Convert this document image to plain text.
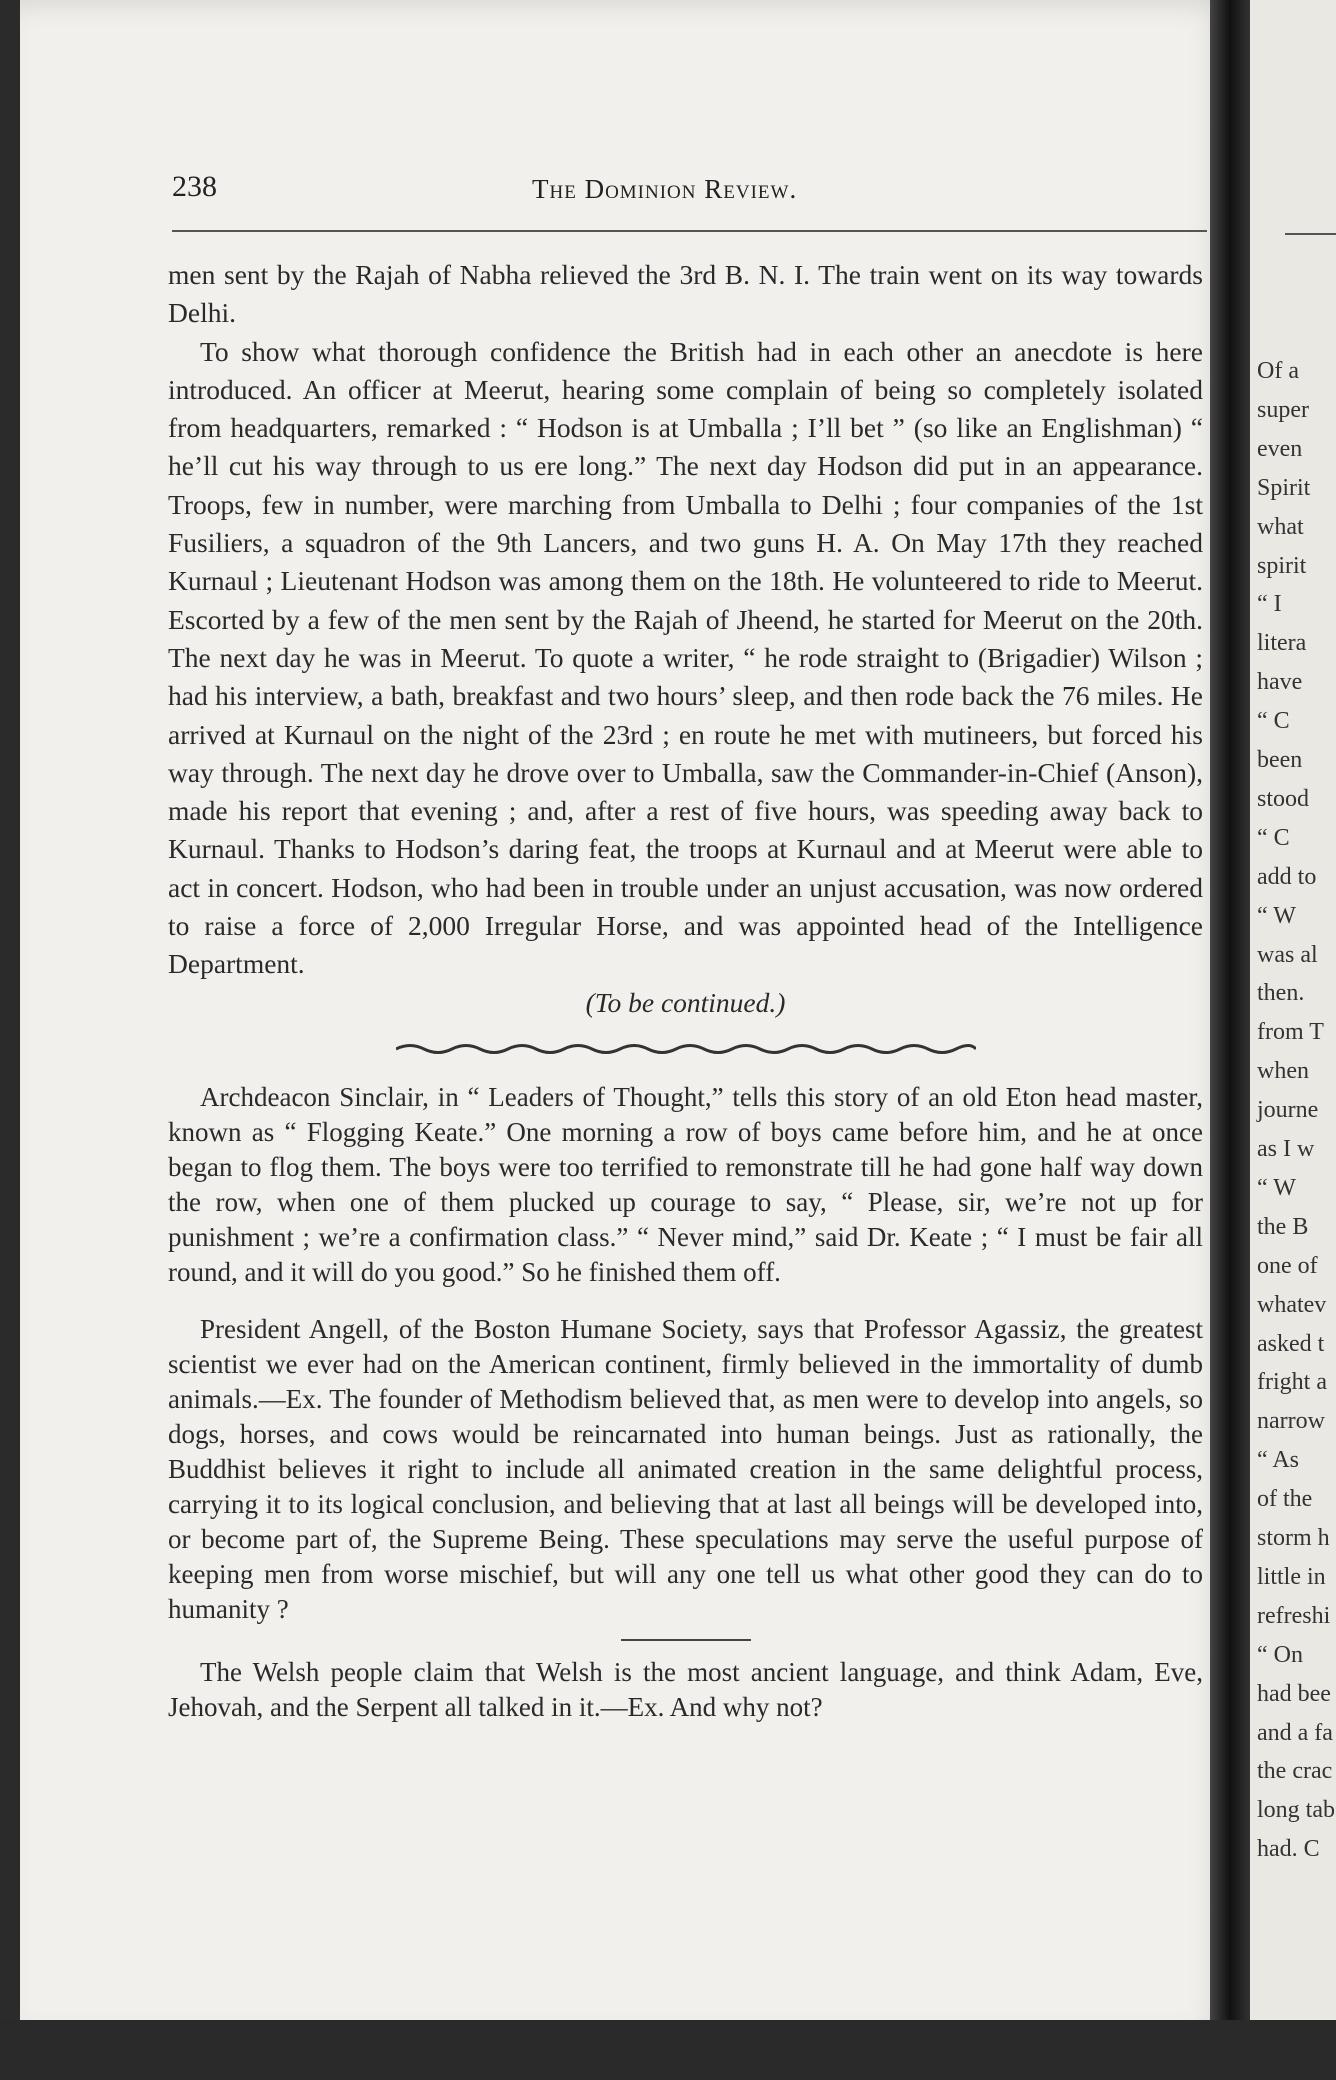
Of a
super
even
Spirit
what
spirit
“ I
litera
have
“ C
been
stood
“ C
add to
“ W
was al
then.
from T
when
journe
as I w
“ W
the B
one of
whatev
asked t
fright a
narrow
“ As
of the
storm h
little in
refreshi
“ On
had bee
and a fa
the crac
long tab
had. C
238	The Dominion Review.

men sent by the Rajah of Nabha relieved the 3rd B. N. I. The train went on its way towards Delhi.

To show what thorough confidence the British had in each other an anecdote is here introduced. An officer at Meerut, hearing some complain of being so completely isolated from headquarters, remarked : “ Hodson is at Umballa ; I’ll bet ” (so like an Englishman) “ he’ll cut his way through to us ere long.” The next day Hodson did put in an appearance. Troops, few in number, were marching from Umballa to Delhi ; four companies of the 1st Fusiliers, a squadron of the 9th Lancers, and two guns H. A. On May 17th they reached Kurnaul ; Lieutenant Hodson was among them on the 18th. He volunteered to ride to Meerut. Escorted by a few of the men sent by the Rajah of Jheend, he started for Meerut on the 20th. The next day he was in Meerut. To quote a writer, “ he rode straight to (Brigadier) Wilson ; had his interview, a bath, breakfast and two hours’ sleep, and then rode back the 76 miles. He arrived at Kurnaul on the night of the 23rd ; en route he met with mutineers, but forced his way through. The next day he drove over to Umballa, saw the Commander-in-Chief (Anson), made his report that evening ; and, after a rest of five hours, was speeding away back to Kurnaul. Thanks to Hodson’s daring feat, the troops at Kurnaul and at Meerut were able to act in concert. Hodson, who had been in trouble under an unjust accusation, was now ordered to raise a force of 2,000 Irregular Horse, and was appointed head of the Intelligence Department.

(To be continued.)

Archdeacon Sinclair, in “ Leaders of Thought,” tells this story of an old Eton head master, known as “ Flogging Keate.” One morning a row of boys came before him, and he at once began to flog them. The boys were too terrified to remonstrate till he had gone half way down the row, when one of them plucked up courage to say, “ Please, sir, we’re not up for punishment ; we’re a confirmation class.” “ Never mind,” said Dr. Keate ; “ I must be fair all round, and it will do you good.” So he finished them off.

President Angell, of the Boston Humane Society, says that Professor Agassiz, the greatest scientist we ever had on the American continent, firmly believed in the immortality of dumb animals.—Ex. The founder of Methodism believed that, as men were to develop into angels, so dogs, horses, and cows would be reincarnated into human beings. Just as rationally, the Buddhist believes it right to include all animated creation in the same delightful process, carrying it to its logical conclusion, and believing that at last all beings will be developed into, or become part of, the Supreme Being. These speculations may serve the useful purpose of keeping men from worse mischief, but will any one tell us what other good they can do to humanity ?

The Welsh people claim that Welsh is the most ancient language, and think Adam, Eve, Jehovah, and the Serpent all talked in it.—Ex. And why not?
